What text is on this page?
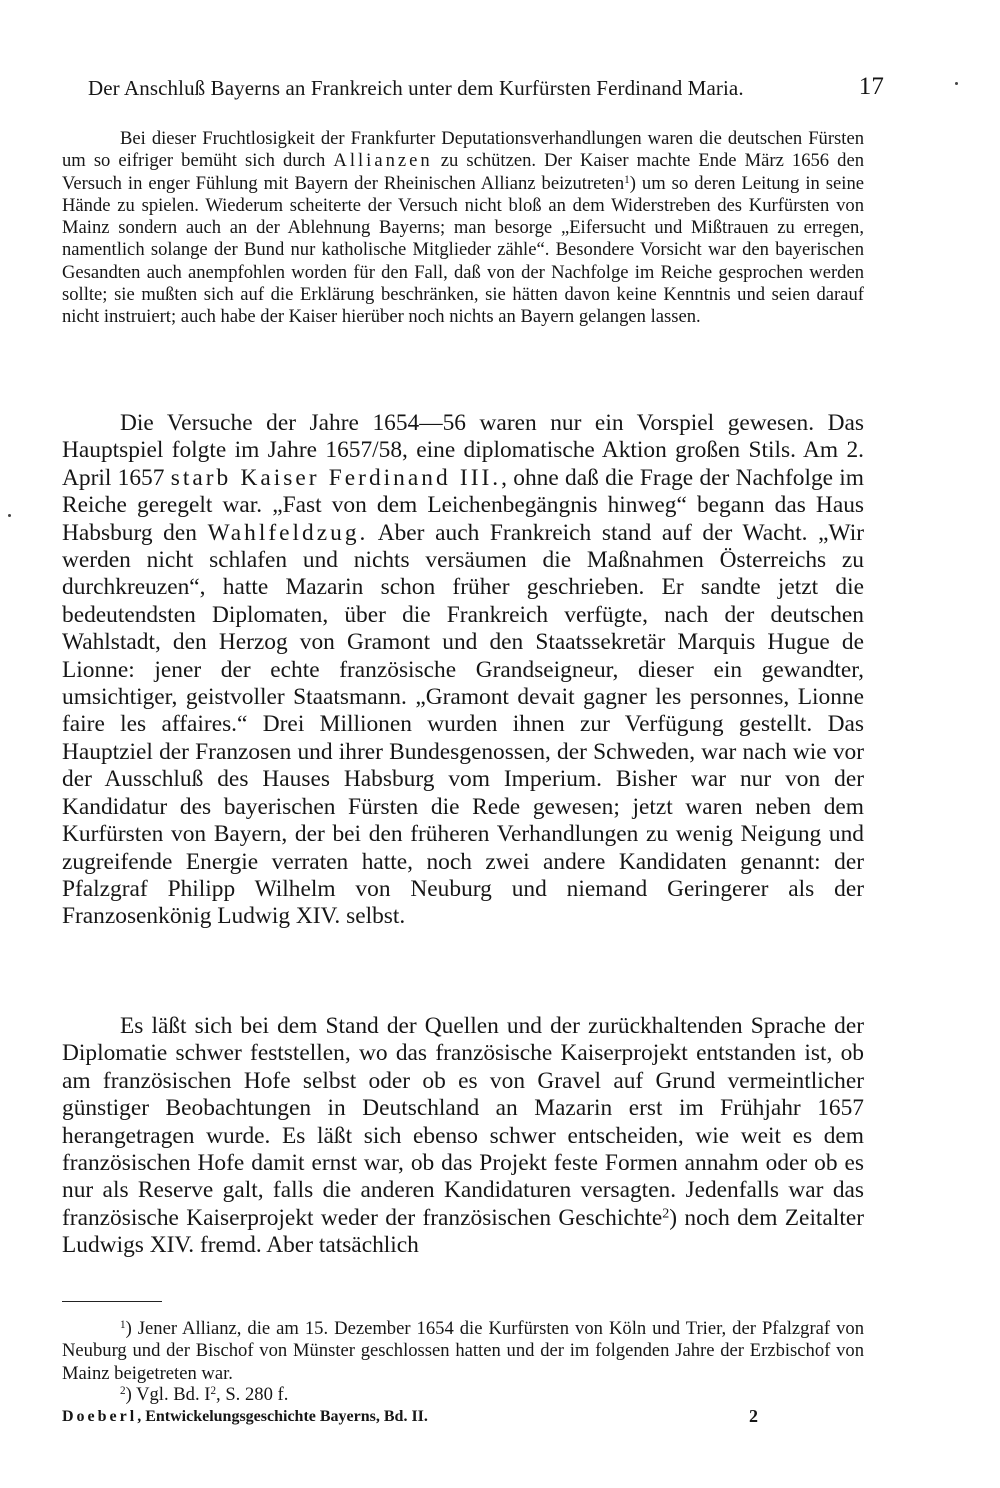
Der Anschluß Bayerns an Frankreich unter dem Kurfürsten Ferdinand Maria.	17

Bei dieser Fruchtlosigkeit der Frankfurter Deputationsverhandlungen waren die deutschen Fürsten um so eifriger bemüht sich durch Allianzen zu schützen. Der Kaiser machte Ende März 1656 den Versuch in enger Fühlung mit Bayern der Rheinischen Allianz beizutreten$^1$) um so deren Leitung in seine Hände zu spielen. Wiederum scheiterte der Versuch nicht bloß an dem Widerstreben des Kurfürsten von Mainz sondern auch an der Ablehnung Bayerns; man besorge „Eifersucht und Mißtrauen zu erregen, namentlich solange der Bund nur katholische Mitglieder zähle“. Besondere Vorsicht war den bayerischen Gesandten auch anempfohlen worden für den Fall, daß von der Nachfolge im Reiche gesprochen werden sollte; sie mußten sich auf die Erklärung beschränken, sie hätten davon keine Kenntnis und seien darauf nicht instruiert; auch habe der Kaiser hierüber noch nichts an Bayern gelangen lassen.

Die Versuche der Jahre 1654—56 waren nur ein Vorspiel gewesen. Das Hauptspiel folgte im Jahre 1657/58, eine diplomatische Aktion großen Stils. Am 2. April 1657 starb Kaiser Ferdinand III., ohne daß die Frage der Nachfolge im Reiche geregelt war. „Fast von dem Leichenbegängnis hinweg“ begann das Haus Habsburg den Wahlfeldzug. Aber auch Frankreich stand auf der Wacht. „Wir werden nicht schlafen und nichts versäumen die Maßnahmen Österreichs zu durchkreuzen“, hatte Mazarin schon früher geschrieben. Er sandte jetzt die bedeutendsten Diplomaten, über die Frankreich verfügte, nach der deutschen Wahlstadt, den Herzog von Gramont und den Staatssekretär Marquis Hugue de Lionne: jener der echte französische Grandseigneur, dieser ein gewandter, umsichtiger, geistvoller Staatsmann. „Gramont devait gagner les personnes, Lionne faire les affaires.“ Drei Millionen wurden ihnen zur Verfügung gestellt. Das Hauptziel der Franzosen und ihrer Bundesgenossen, der Schweden, war nach wie vor der Ausschluß des Hauses Habsburg vom Imperium. Bisher war nur von der Kandidatur des bayerischen Fürsten die Rede gewesen; jetzt waren neben dem Kurfürsten von Bayern, der bei den früheren Verhandlungen zu wenig Neigung und zugreifende Energie verraten hatte, noch zwei andere Kandidaten genannt: der Pfalzgraf Philipp Wilhelm von Neuburg und niemand Geringerer als der Franzosenkönig Ludwig XIV. selbst.

Es läßt sich bei dem Stand der Quellen und der zurückhaltenden Sprache der Diplomatie schwer feststellen, wo das französische Kaiserprojekt entstanden ist, ob am französischen Hofe selbst oder ob es von Gravel auf Grund vermeintlicher günstiger Beobachtungen in Deutschland an Mazarin erst im Frühjahr 1657 herangetragen wurde. Es läßt sich ebenso schwer entscheiden, wie weit es dem französischen Hofe damit ernst war, ob das Projekt feste Formen annahm oder ob es nur als Reserve galt, falls die anderen Kandidaturen versagten. Jedenfalls war das französische Kaiserprojekt weder der französischen Geschichte$^2$) noch dem Zeitalter Ludwigs XIV. fremd. Aber tatsächlich

$^1$) Jener Allianz, die am 15. Dezember 1654 die Kurfürsten von Köln und Trier, der Pfalzgraf von Neuburg und der Bischof von Münster geschlossen hatten und der im folgenden Jahre der Erzbischof von Mainz beigetreten war.

$^2$) Vgl. Bd. $I^2$, S. 280 f.

Doeberl, Entwickelungsgeschichte Bayerns, Bd. II.	2
